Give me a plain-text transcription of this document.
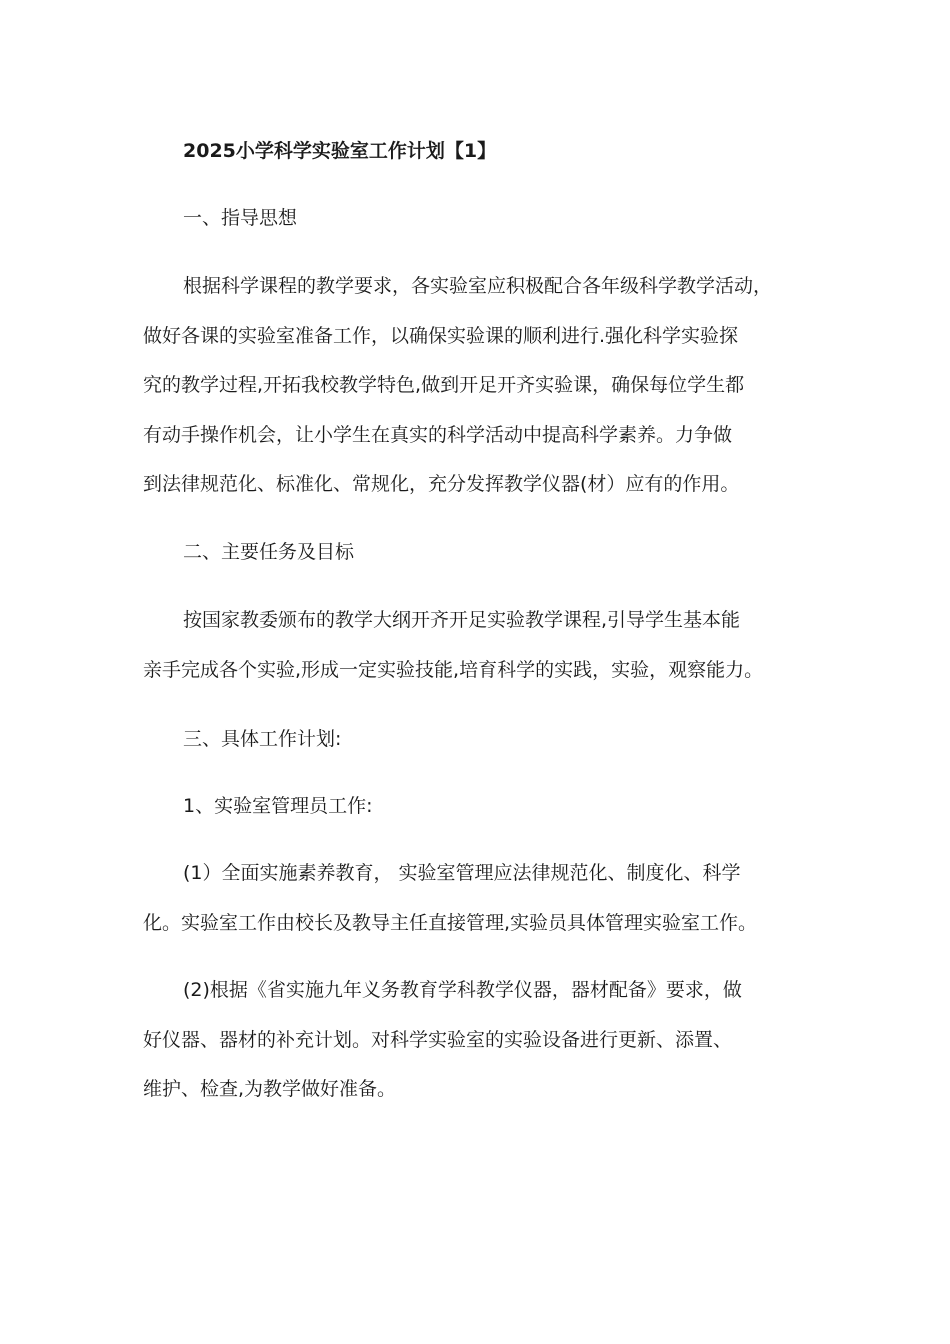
2025小学科学实验室工作计划【1】
一、指导思想
根据科学课程的教学要求，各实验室应积极配合各年级科学教学活动，
做好各课的实验室准备工作，以确保实验课的顺利进行.强化科学实验探
究的教学过程,开拓我校教学特色,做到开足开齐实验课，确保每位学生都
有动手操作机会，让小学生在真实的科学活动中提高科学素养。力争做
到法律规范化、标准化、常规化，充分发挥教学仪器(材）应有的作用。
二、主要任务及目标
按国家教委颁布的教学大纲开齐开足实验教学课程,引导学生基本能
亲手完成各个实验,形成一定实验技能,培育科学的实践，实验，观察能力。
三、具体工作计划:
1、实验室管理员工作:
(1）全面实施素养教育， 实验室管理应法律规范化、制度化、科学
化。实验室工作由校长及教导主任直接管理,实验员具体管理实验室工作。
(2)根据《省实施九年义务教育学科教学仪器，器材配备》要求，做
好仪器、器材的补充计划。对科学实验室的实验设备进行更新、添置、
维护、检查,为教学做好准备。
